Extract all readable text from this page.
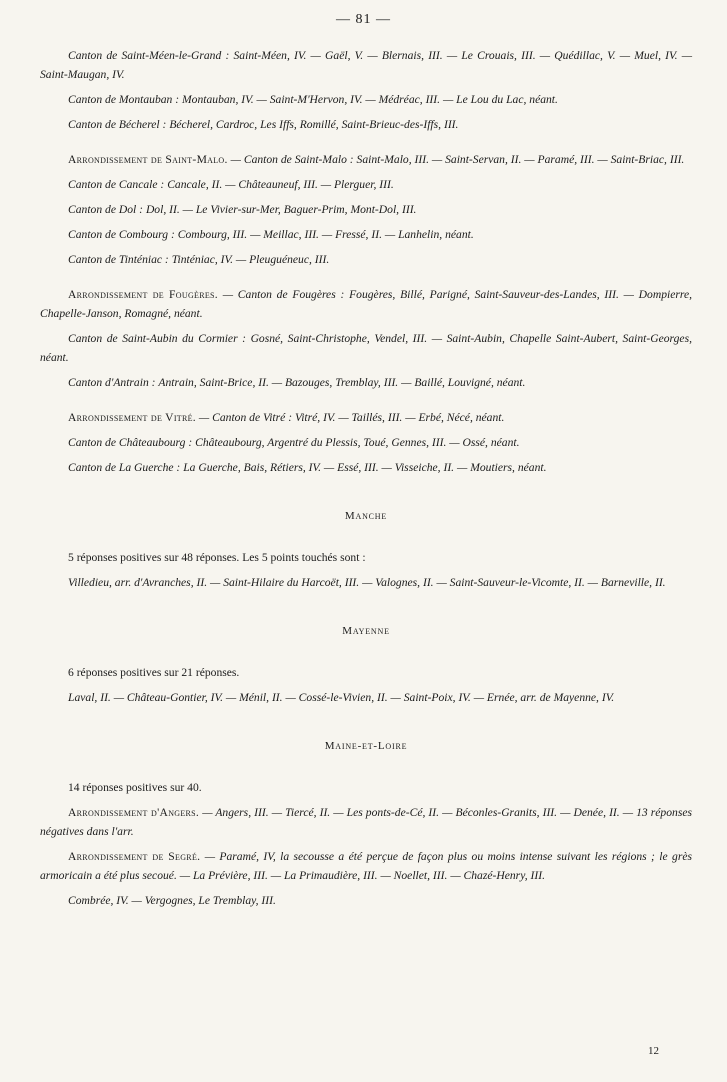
— 81 —

Canton de Saint-Méen-le-Grand : Saint-Méen, IV. — Gaël, V. — Blernais, III. — Le Crouais, III. — Quédillac, V. — Muel, IV. — Saint-Maugan, IV.

Canton de Montauban : Montauban, IV. — Saint-M'Hervon, IV. — Médréac, III. — Le Lou du Lac, néant.

Canton de Bécherel : Bécherel, Cardroc, Les Iffs, Romillé, Saint-Brieuc-des-Iffs, III.

Arrondissement de Saint-Malo. — Canton de Saint-Malo : Saint-Malo, III. — Saint-Servan, II. — Paramé, III. — Saint-Briac, III.

Canton de Cancale : Cancale, II. — Châteauneuf, III. — Plerguer, III.

Canton de Dol : Dol, II. — Le Vivier-sur-Mer, Baguer-Prim, Mont-Dol, III.

Canton de Combourg : Combourg, III. — Meillac, III. — Fressé, II. — Lanhelin, néant.

Canton de Tinténiac : Tinténiac, IV. — Pleuguéneuc, III.

Arrondissement de Fougères. — Canton de Fougères : Fougères, Billé, Parigné, Saint-Sauveur-des-Landes, III. — Dompierre, Chapelle-Janson, Romagné, néant.

Canton de Saint-Aubin du Cormier : Gosné, Saint-Christophe, Vendel, III. — Saint-Aubin, Chapelle Saint-Aubert, Saint-Georges, néant.

Canton d'Antrain : Antrain, Saint-Brice, II. — Bazouges, Tremblay, III. — Baillé, Louvigné, néant.

Arrondissement de Vitré. — Canton de Vitré : Vitré, IV. — Taillés, III. — Erbé, Nécé, néant.

Canton de Châteaubourg : Châteaubourg, Argentré du Plessis, Toué, Gennes, III. — Ossé, néant.

Canton de La Guerche : La Guerche, Bais, Rétiers, IV. — Essé, III. — Visseiche, II. — Moutiers, néant.

Manche

5 réponses positives sur 48 réponses. Les 5 points touchés sont :

Villedieu, arr. d'Avranches, II. — Saint-Hilaire du Harcoët, III. — Valognes, II. — Saint-Sauveur-le-Vicomte, II. — Barneville, II.

Mayenne

6 réponses positives sur 21 réponses.

Laval, II. — Château-Gontier, IV. — Ménil, II. — Cossé-le-Vivien, II. — Saint-Poix, IV. — Ernée, arr. de Mayenne, IV.

Maine-et-Loire

14 réponses positives sur 40.

Arrondissement d'Angers. — Angers, III. — Tiercé, II. — Les ponts-de-Cé, II. — Béconles-Granits, III. — Denée, II. — 13 réponses négatives dans l'arr.

Arrondissement de Segré. — Paramé, IV, la secousse a été perçue de façon plus ou moins intense suivant les régions ; le grès armoricain a été plus secoué. — La Prévière, III. — La Primaudière, III. — Noellet, III. — Chazé-Henry, III.

Combrée, IV. — Vergognes, Le Tremblay, III.

12
